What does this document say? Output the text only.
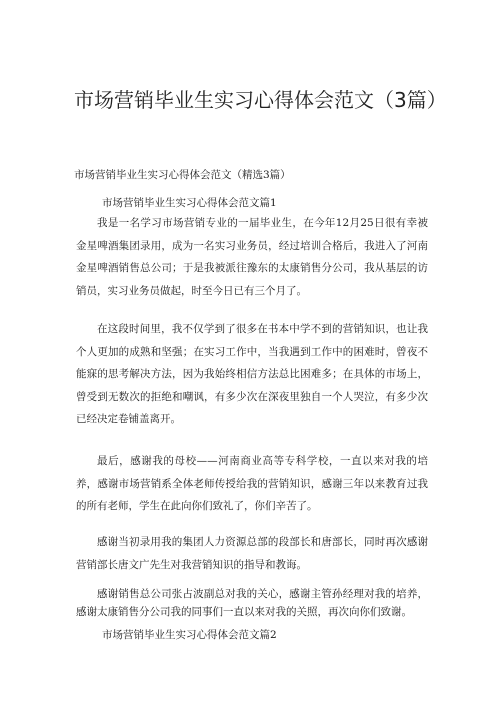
市场营销毕业生实习心得体会范文（3篇）
市场营销毕业生实习心得体会范文（精选3篇）
市场营销毕业生实习心得体会范文篇1

我是一名学习市场营销专业的一届毕业生，在今年12月25日很有幸被金星啤酒集团录用，成为一名实习业务员，经过培训合格后，我进入了河南金星啤酒销售总公司；于是我被派往豫东的太康销售分公司，我从基层的访销员，实习业务员做起，时至今日已有三个月了。

在这段时间里，我不仅学到了很多在书本中学不到的营销知识，也让我个人更加的成熟和坚强；在实习工作中，当我遇到工作中的困难时，曾夜不能寐的思考解决方法，因为我始终相信方法总比困难多；在具体的市场上，曾受到无数次的拒绝和嘲讽，有多少次在深夜里独自一个人哭泣，有多少次已经决定卷铺盖离开。

最后，感谢我的母校——河南商业高等专科学校，一直以来对我的培养，感谢市场营销系全体老师传授给我的营销知识，感谢三年以来教育过我的所有老师，学生在此向你们致礼了，你们辛苦了。

感谢当初录用我的集团人力资源总部的段部长和唐部长，同时再次感谢营销部长唐文广先生对我营销知识的指导和教诲。

感谢销售总公司张占波副总对我的关心，感谢主管孙经理对我的培养，感谢太康销售分公司我的同事们一直以来对我的关照，再次向你们致谢。

市场营销毕业生实习心得体会范文篇2
